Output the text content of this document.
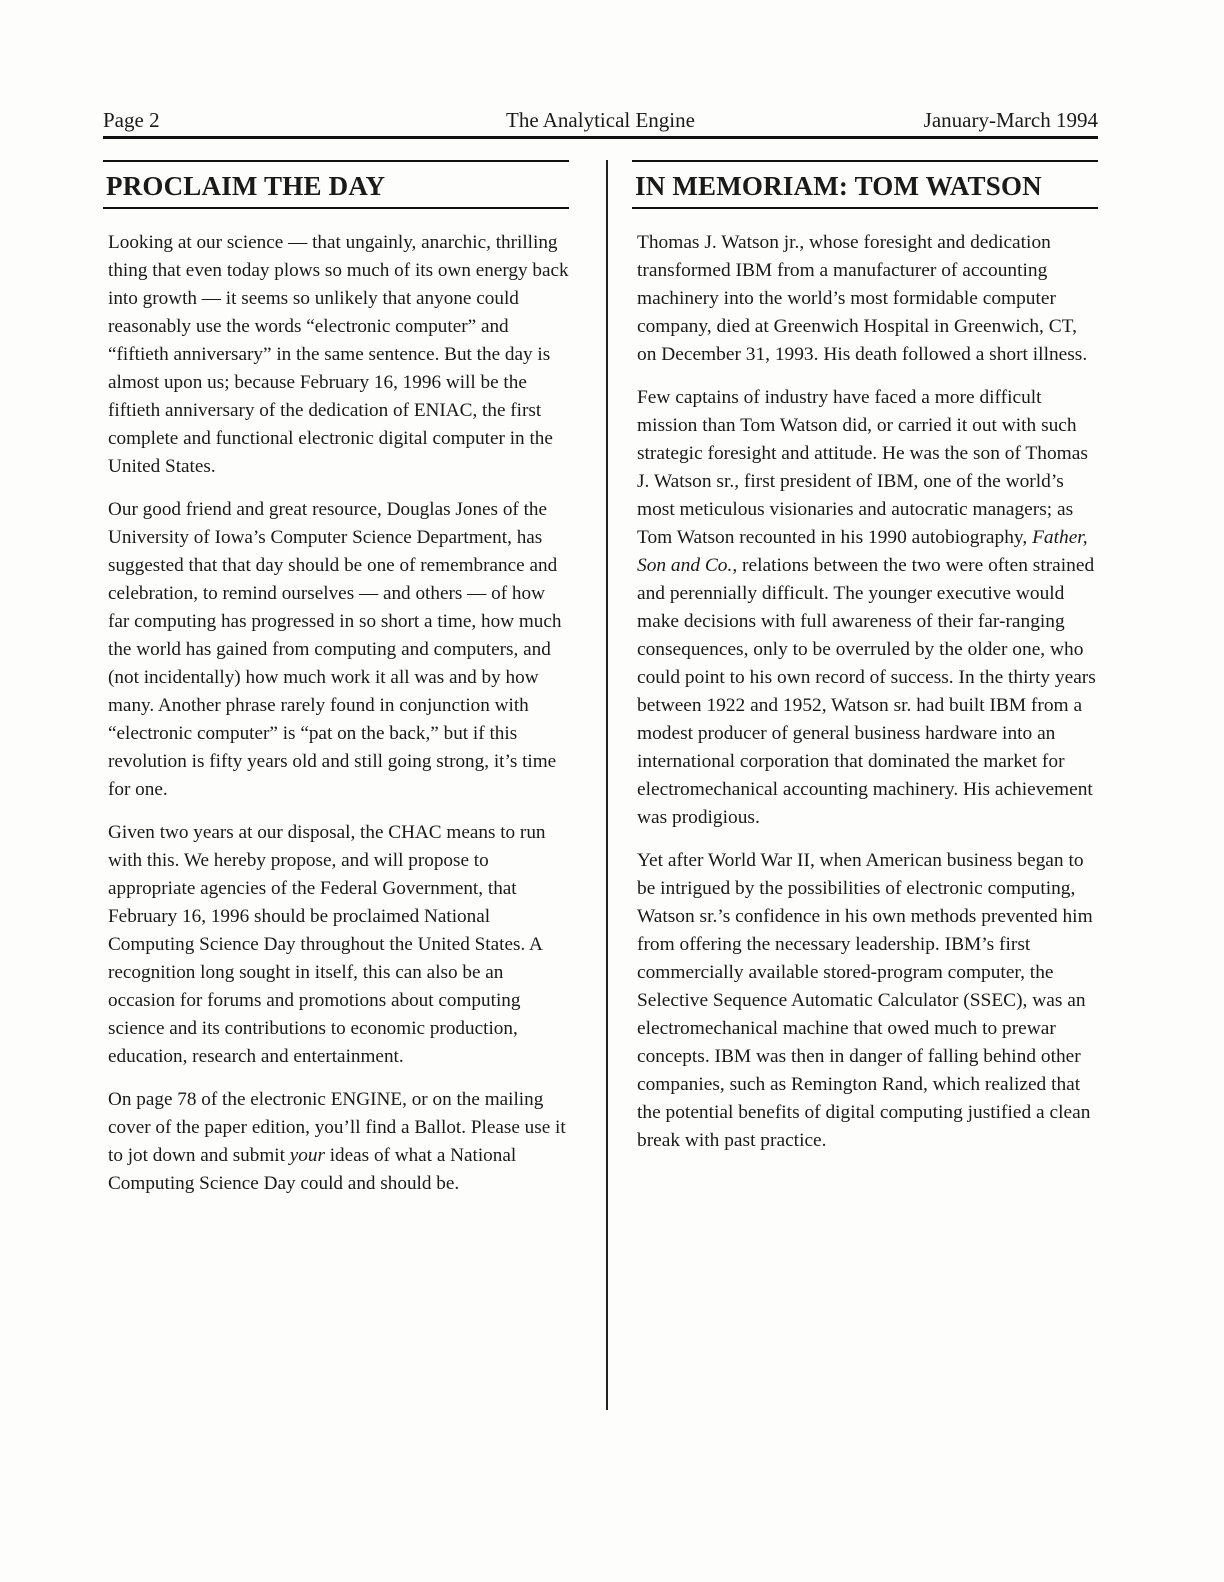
Page 2	The Analytical Engine	January-March 1994
PROCLAIM THE DAY

Looking at our science — that ungainly, anarchic, thrilling thing that even today plows so much of its own energy back into growth — it seems so unlikely that anyone could reasonably use the words “electronic computer” and “fiftieth anniversary” in the same sentence. But the day is almost upon us; because February 16, 1996 will be the fiftieth anniversary of the dedication of ENIAC, the first complete and functional electronic digital computer in the United States.

Our good friend and great resource, Douglas Jones of the University of Iowa’s Computer Science Department, has suggested that that day should be one of remembrance and celebration, to remind ourselves — and others — of how far computing has progressed in so short a time, how much the world has gained from computing and computers, and (not incidentally) how much work it all was and by how many. Another phrase rarely found in conjunction with “electronic computer” is “pat on the back,” but if this revolution is fifty years old and still going strong, it’s time for one.

Given two years at our disposal, the CHAC means to run with this. We hereby propose, and will propose to appropriate agencies of the Federal Government, that February 16, 1996 should be proclaimed National Computing Science Day throughout the United States. A recognition long sought in itself, this can also be an occasion for forums and promotions about computing science and its contributions to economic production, education, research and entertainment.

On page 78 of the electronic ENGINE, or on the mailing cover of the paper edition, you’ll find a Ballot. Please use it to jot down and submit your ideas of what a National Computing Science Day could and should be.

IN MEMORIAM: TOM WATSON

Thomas J. Watson jr., whose foresight and dedication transformed IBM from a manufacturer of accounting machinery into the world’s most formidable computer company, died at Greenwich Hospital in Greenwich, CT, on December 31, 1993. His death followed a short illness.

Few captains of industry have faced a more difficult mission than Tom Watson did, or carried it out with such strategic foresight and attitude. He was the son of Thomas J. Watson sr., first president of IBM, one of the world’s most meticulous visionaries and autocratic managers; as Tom Watson recounted in his 1990 autobiography, Father, Son and Co., relations between the two were often strained and perennially difficult. The younger executive would make decisions with full awareness of their far-ranging consequences, only to be overruled by the older one, who could point to his own record of success. In the thirty years between 1922 and 1952, Watson sr. had built IBM from a modest producer of general business hardware into an international corporation that dominated the market for electromechanical accounting machinery. His achievement was prodigious.

Yet after World War II, when American business began to be intrigued by the possibilities of electronic computing, Watson sr.’s confidence in his own methods prevented him from offering the necessary leadership. IBM’s first commercially available stored-program computer, the Selective Sequence Automatic Calculator (SSEC), was an electromechanical machine that owed much to prewar concepts. IBM was then in danger of falling behind other companies, such as Remington Rand, which realized that the potential benefits of digital computing justified a clean break with past practice.
